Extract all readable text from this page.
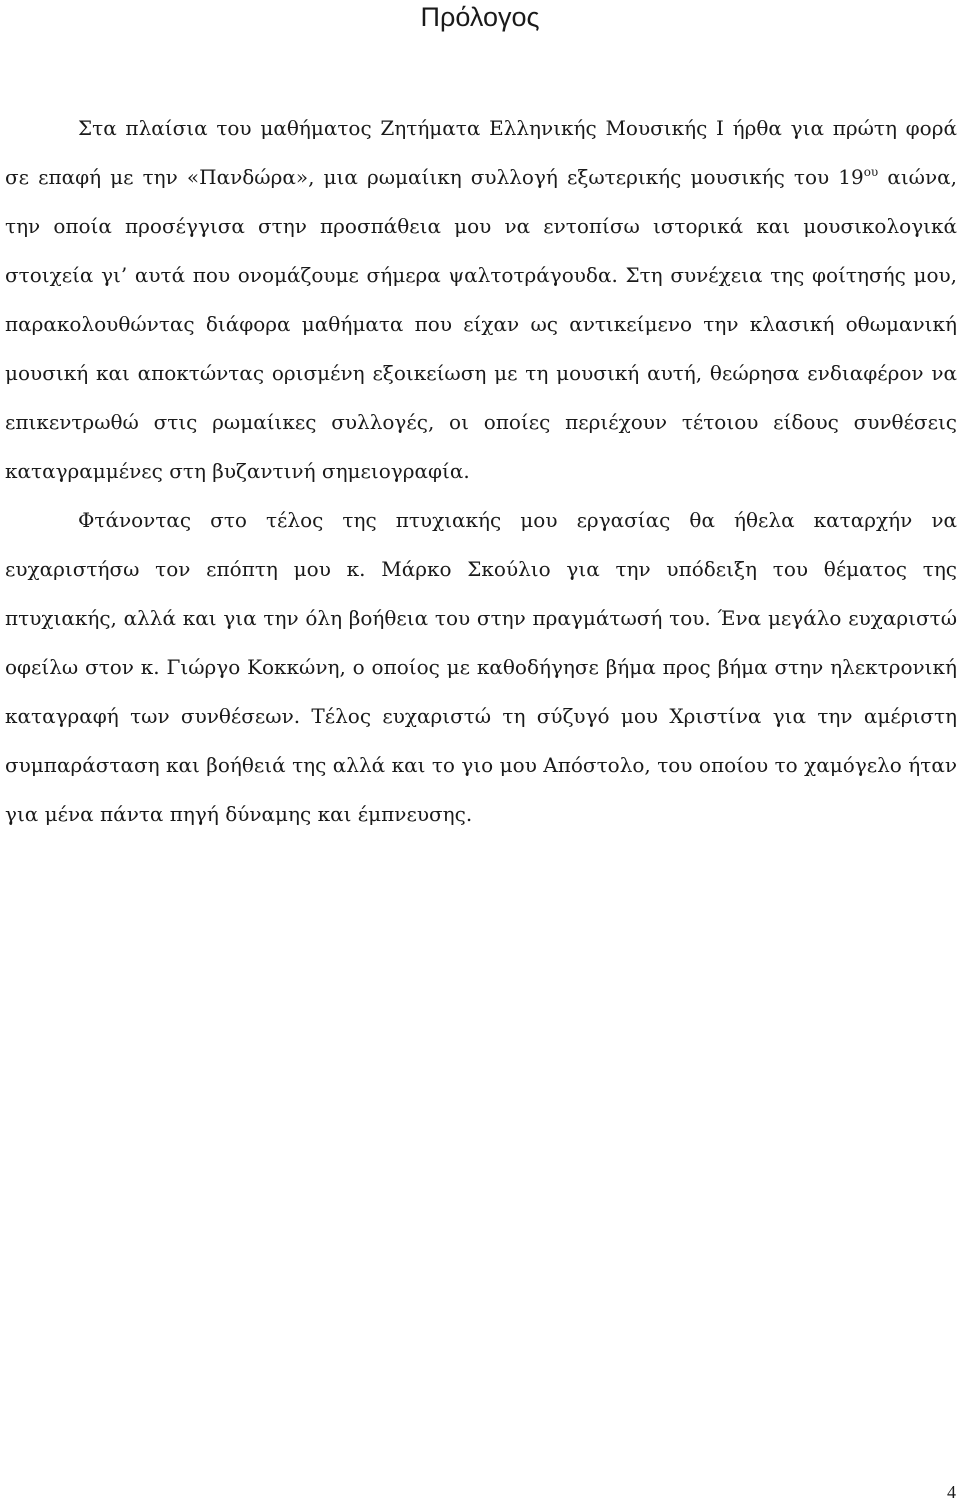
Πρόλογος

Στα πλαίσια του μαθήματος Ζητήματα Ελληνικής Μουσικής Ι ήρθα για πρώτη φορά σε επαφή με την «Πανδώρα», μια ρωμαίικη συλλογή εξωτερικής μουσικής του $19^{o\upsilon}$ αιώνα, την οποία προσέγγισα στην προσπάθεια μου να εντοπίσω ιστορικά και μουσικολογικά στοιχεία γι’ αυτά που ονομάζουμε σήμερα ψαλτοτράγουδα. Στη συνέχεια της φοίτησής μου, παρακολουθώντας διάφορα μαθήματα που είχαν ως αντικείμενο την κλασική οθωμανική μουσική και αποκτώντας ορισμένη εξοικείωση με τη μουσική αυτή, θεώρησα ενδιαφέρον να επικεντρωθώ στις ρωμαίικες συλλογές, οι οποίες περιέχουν τέτοιου είδους συνθέσεις καταγραμμένες στη βυζαντινή σημειογραφία.

Φτάνοντας στο τέλος της πτυχιακής μου εργασίας θα ήθελα καταρχήν να ευχαριστήσω τον επόπτη μου κ. Μάρκο Σκούλιο για την υπόδειξη του θέματος της πτυχιακής, αλλά και για την όλη βοήθεια του στην πραγμάτωσή του. Ένα μεγάλο ευχαριστώ οφείλω στον κ. Γιώργο Κοκκώνη, ο οποίος με καθοδήγησε βήμα προς βήμα στην ηλεκτρονική καταγραφή των συνθέσεων. Τέλος ευχαριστώ τη σύζυγό μου Χριστίνα για την αμέριστη συμπαράσταση και βοήθειά της αλλά και το γιο μου Απόστολο, του οποίου το χαμόγελο ήταν για μένα πάντα πηγή δύναμης και έμπνευσης.

4
